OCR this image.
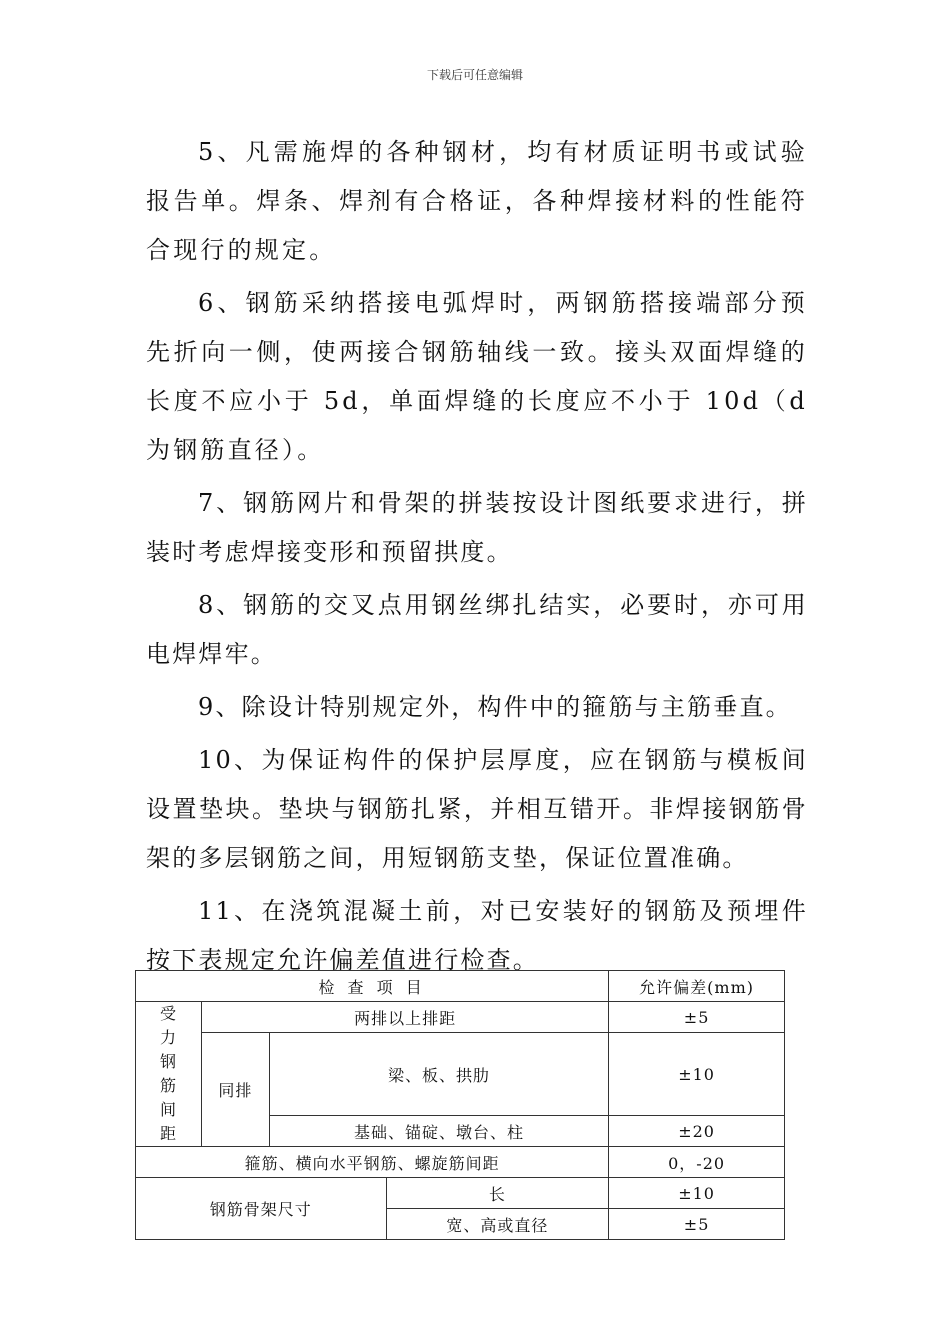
下载后可任意编辑

5、凡需施焊的各种钢材，均有材质证明书或试验报告单。焊条、焊剂有合格证，各种焊接材料的性能符合现行的规定。

6、钢筋采纳搭接电弧焊时，两钢筋搭接端部分预先折向一侧，使两接合钢筋轴线一致。接头双面焊缝的长度不应小于 5d，单面焊缝的长度应不小于 10d（d 为钢筋直径）。

7、钢筋网片和骨架的拼装按设计图纸要求进行，拼装时考虑焊接变形和预留拱度。

8、钢筋的交叉点用钢丝绑扎结实，必要时，亦可用电焊焊牢。

9、除设计特别规定外，构件中的箍筋与主筋垂直。

10、为保证构件的保护层厚度，应在钢筋与模板间设置垫块。垫块与钢筋扎紧，并相互错开。非焊接钢筋骨架的多层钢筋之间，用短钢筋支垫，保证位置准确。

11、在浇筑混凝土前，对已安装好的钢筋及预埋件按下表规定允许偏差值进行检查。

检 查 项 目				允许偏差(mm)
受力钢筋间距	两排以上排距			±5
	同排	梁、板、拱肋		±10
		基础、锚碇、墩台、柱		±20
箍筋、横向水平钢筋、螺旋筋间距				0，-20
钢筋骨架尺寸			长	±10
			宽、高或直径	±5
